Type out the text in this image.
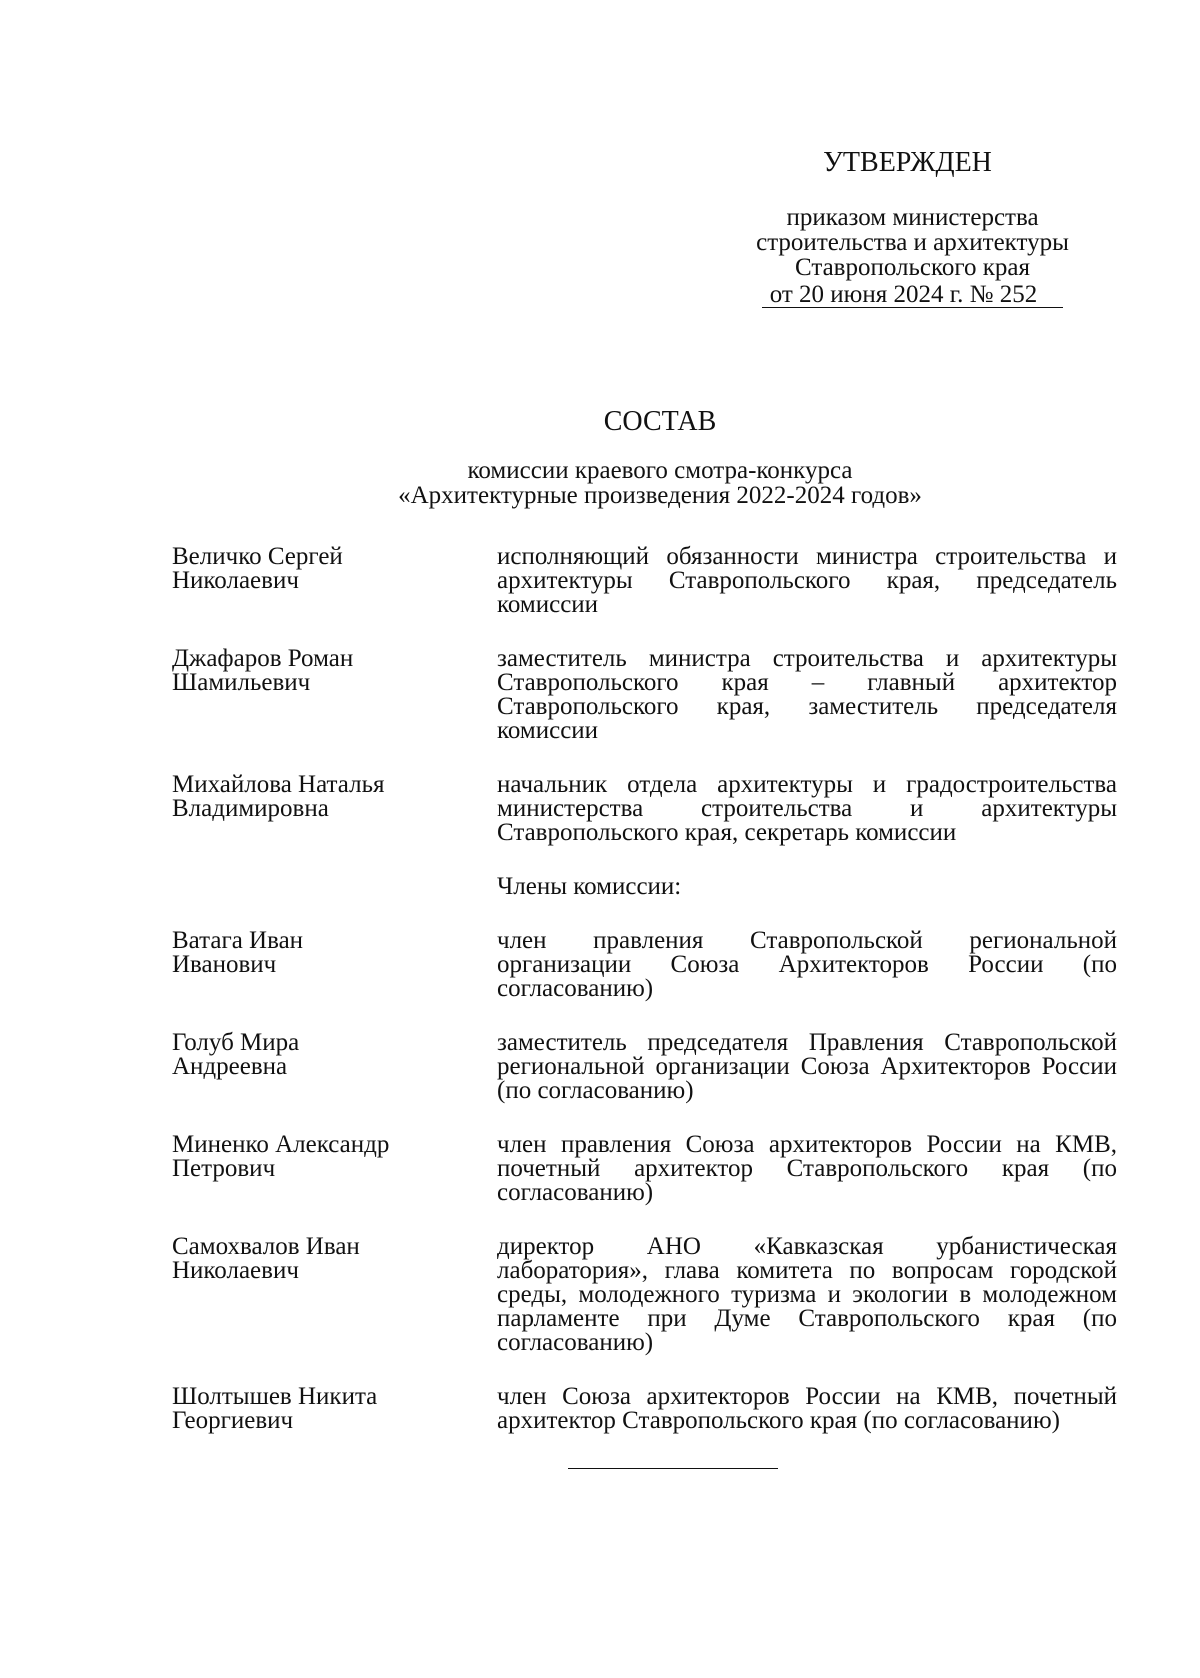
УТВЕРЖДЕН
приказом министерства
строительства и архитектуры
Ставропольского края
от 20 июня 2024 г. № 252
СОСТАВ
комиссии краевого смотра-конкурса
«Архитектурные произведения 2022-2024 годов»
Величко Сергей
Николаевич
исполняющий обязанности министра строительства и архитектуры Ставропольского края, председатель комиссии
Джафаров Роман
Шамильевич
заместитель министра строительства и архитектуры Ставропольского края – главный архитектор Ставропольского края, заместитель председателя комиссии
Михайлова Наталья
Владимировна
начальник отдела архитектуры и градостроительства министерства строительства и архитектуры Ставропольского края, секретарь комиссии
Члены комиссии:
Ватага Иван
Иванович
член правления Ставропольской региональной организации Союза Архитекторов России (по согласованию)
Голуб Мира
Андреевна
заместитель председателя Правления Ставропольской региональной организации Союза Архитекторов России (по согласованию)
Миненко Александр
Петрович
член правления Союза архитекторов России на КМВ, почетный архитектор Ставропольского края (по согласованию)
Самохвалов Иван
Николаевич
директор АНО «Кавказская урбанистическая лаборатория», глава комитета по вопросам городской среды, молодежного туризма и экологии в молодежном парламенте при Думе Ставропольского края (по согласованию)
Шолтышев Никита
Георгиевич
член Союза архитекторов России на КМВ, почетный архитектор Ставропольского края (по согласованию)
